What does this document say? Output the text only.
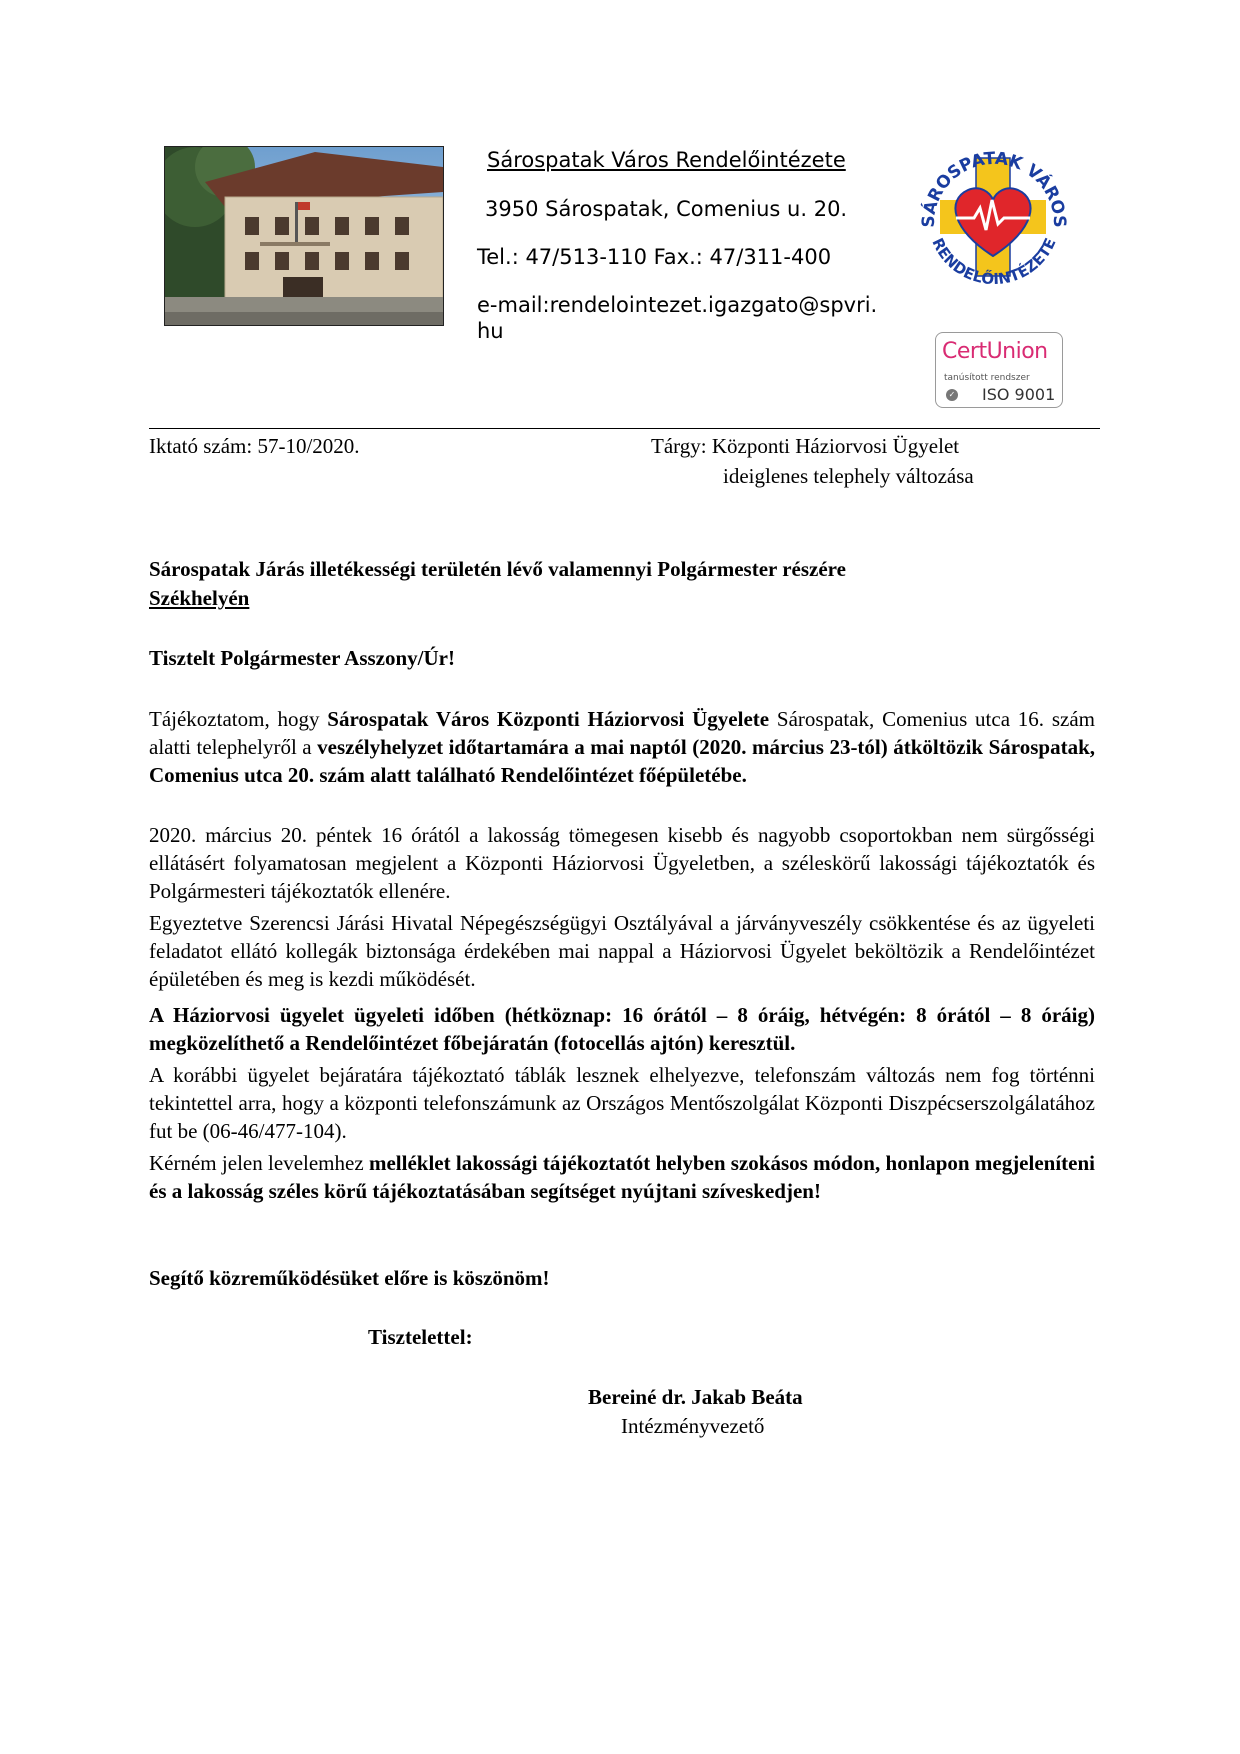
Sárospatak Város Rendelőintézete
3950 Sárospatak, Comenius u. 20.
Tel.: 47/513-110 Fax.: 47/311-400
e-mail:rendelointezet.igazgato@spvri.hu
SÁROSPATAK VÁROS
RENDELŐINTÉZETE
CertUnion
tanúsított rendszer
✓ ISO 9001
Iktató szám: 57-10/2020.	Tárgy: Központi Háziorvosi Ügyelet
ideiglenes telephely változása
Sárospatak Járás illetékességi területén lévő valamennyi Polgármester részére
Székhelyén
Tisztelt Polgármester Asszony/Úr!

Tájékoztatom, hogy Sárospatak Város Központi Háziorvosi Ügyelete Sárospatak, Comenius utca 16. szám alatti telephelyről a veszélyhelyzet időtartamára a mai naptól (2020. március 23-tól) átköltözik Sárospatak, Comenius utca 20. szám alatt található Rendelőintézet főépületébe.

2020. március 20. péntek 16 órától a lakosság tömegesen kisebb és nagyobb csoportokban nem sürgősségi ellátásért folyamatosan megjelent a Központi Háziorvosi Ügyeletben, a széleskörű lakossági tájékoztatók és Polgármesteri tájékoztatók ellenére.

Egyeztetve Szerencsi Járási Hivatal Népegészségügyi Osztályával a járványveszély csökkentése és az ügyeleti feladatot ellátó kollegák biztonsága érdekében mai nappal a Háziorvosi Ügyelet beköltözik a Rendelőintézet épületében és meg is kezdi működését.

A Háziorvosi ügyelet ügyeleti időben (hétköznap: 16 órától – 8 óráig, hétvégén: 8 órától – 8 óráig) megközelíthető a Rendelőintézet főbejáratán (fotocellás ajtón) keresztül.

A korábbi ügyelet bejáratára tájékoztató táblák lesznek elhelyezve, telefonszám változás nem fog történni tekintettel arra, hogy a központi telefonszámunk az Országos Mentőszolgálat Központi Diszpécserszolgálatához fut be (06-46/477-104).

Kérném jelen levelemhez melléklet lakossági tájékoztatót helyben szokásos módon, honlapon megjeleníteni és a lakosság széles körű tájékoztatásában segítséget nyújtani szíveskedjen!

Segítő közreműködésüket előre is köszönöm!
Tisztelettel:
Bereiné dr. Jakab Beáta
Intézményvezető
